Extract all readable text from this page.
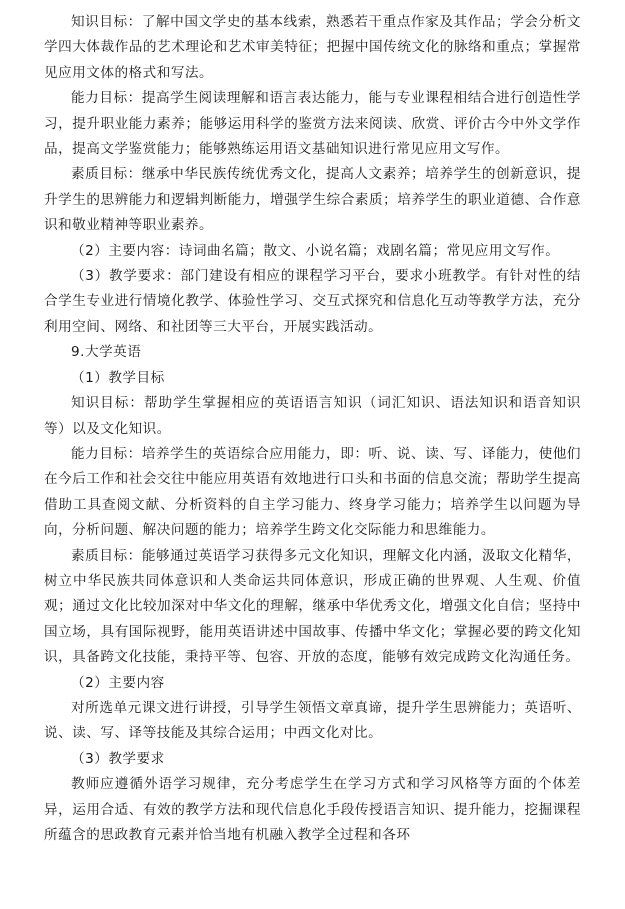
知识目标：了解中国文学史的基本线索，熟悉若干重点作家及其作品；学会分析文学四大体裁作品的艺术理论和艺术审美特征；把握中国传统文化的脉络和重点；掌握常见应用文体的格式和写法。

能力目标：提高学生阅读理解和语言表达能力，能与专业课程相结合进行创造性学习，提升职业能力素养；能够运用科学的鉴赏方法来阅读、欣赏、评价古今中外文学作品，提高文学鉴赏能力；能够熟练运用语文基础知识进行常见应用文写作。

素质目标：继承中华民族传统优秀文化，提高人文素养；培养学生的创新意识，提升学生的思辨能力和逻辑判断能力，增强学生综合素质；培养学生的职业道德、合作意识和敬业精神等职业素养。

（2）主要内容：诗词曲名篇；散文、小说名篇；戏剧名篇；常见应用文写作。

（3）教学要求：部门建设有相应的课程学习平台，要求小班教学。有针对性的结合学生专业进行情境化教学、体验性学习、交互式探究和信息化互动等教学方法，充分利用空间、网络、和社团等三大平台，开展实践活动。

9.大学英语

（1）教学目标

知识目标：帮助学生掌握相应的英语语言知识（词汇知识、语法知识和语音知识等）以及文化知识。

能力目标：培养学生的英语综合应用能力，即：听、说、读、写、译能力，使他们在今后工作和社会交往中能应用英语有效地进行口头和书面的信息交流；帮助学生提高借助工具查阅文献、分析资料的自主学习能力、终身学习能力；培养学生以问题为导向，分析问题、解决问题的能力；培养学生跨文化交际能力和思维能力。

素质目标：能够通过英语学习获得多元文化知识，理解文化内涵，汲取文化精华，树立中华民族共同体意识和人类命运共同体意识，形成正确的世界观、人生观、价值观；通过文化比较加深对中华文化的理解，继承中华优秀文化，增强文化自信；坚持中国立场，具有国际视野，能用英语讲述中国故事、传播中华文化；掌握必要的跨文化知识，具备跨文化技能，秉持平等、包容、开放的态度，能够有效完成跨文化沟通任务。

（2）主要内容

对所选单元课文进行讲授，引导学生领悟文章真谛，提升学生思辨能力；英语听、说、读、写、译等技能及其综合运用；中西文化对比。

（3）教学要求

教师应遵循外语学习规律，充分考虑学生在学习方式和学习风格等方面的个体差异，运用合适、有效的教学方法和现代信息化手段传授语言知识、提升能力，挖掘课程所蕴含的思政教育元素并恰当地有机融入教学全过程和各环
